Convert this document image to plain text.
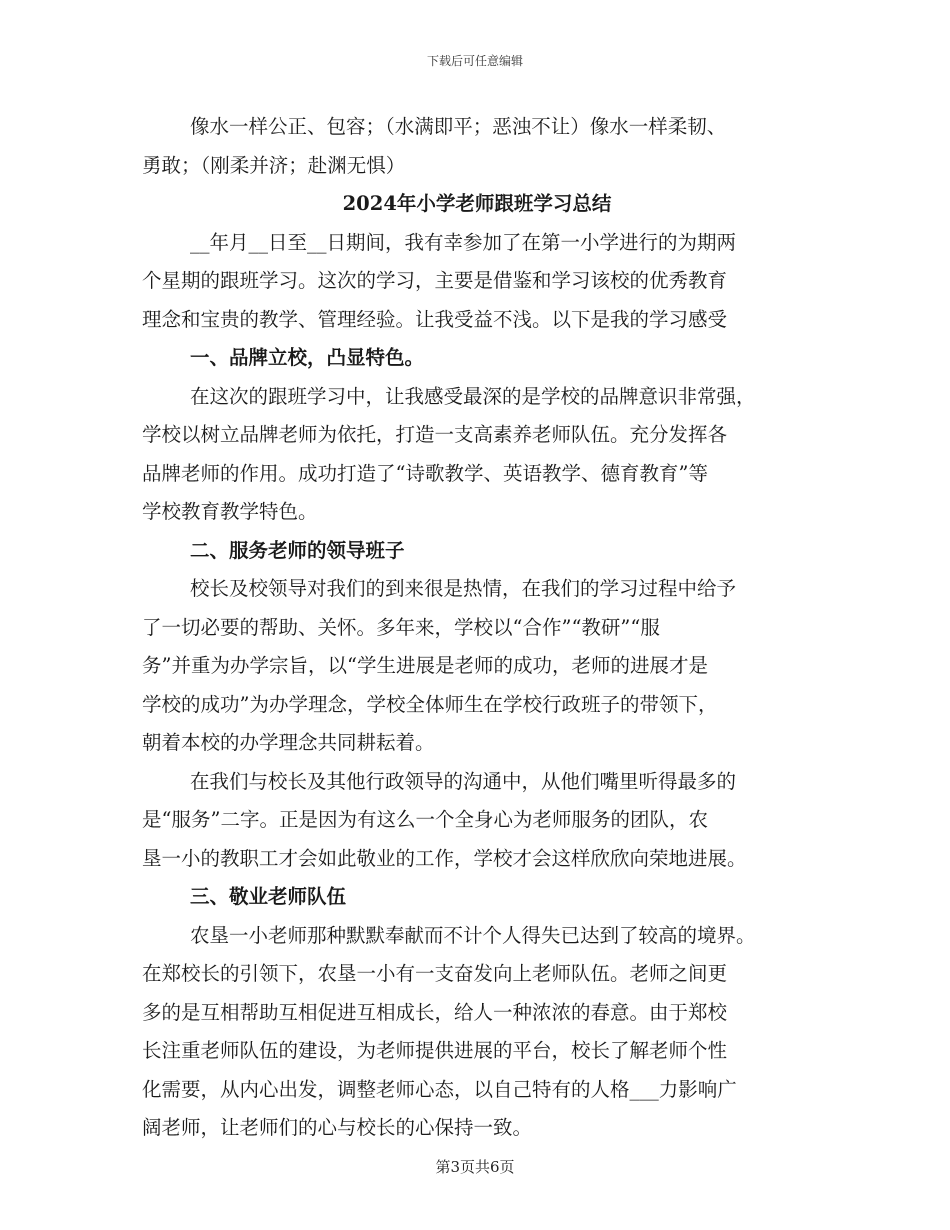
下载后可任意编辑
像水一样公正、包容；（水满即平；恶浊不让）像水一样柔韧、
勇敢；（刚柔并济；赴渊无惧）
2024年小学老师跟班学习总结
__年月__日至__日期间，我有幸参加了在第一小学进行的为期两
个星期的跟班学习。这次的学习，主要是借鉴和学习该校的优秀教育
理念和宝贵的教学、管理经验。让我受益不浅。以下是我的学习感受
一、品牌立校，凸显特色。
在这次的跟班学习中，让我感受最深的是学校的品牌意识非常强，
学校以树立品牌老师为依托，打造一支高素养老师队伍。充分发挥各
品牌老师的作用。成功打造了“诗歌教学、英语教学、德育教育”等
学校教育教学特色。
二、服务老师的领导班子
校长及校领导对我们的到来很是热情，在我们的学习过程中给予
了一切必要的帮助、关怀。多年来，学校以“合作”“教研”“服
务”并重为办学宗旨，以“学生进展是老师的成功，老师的进展才是
学校的成功”为办学理念，学校全体师生在学校行政班子的带领下，
朝着本校的办学理念共同耕耘着。
在我们与校长及其他行政领导的沟通中，从他们嘴里听得最多的
是“服务”二字。正是因为有这么一个全身心为老师服务的团队，农
垦一小的教职工才会如此敬业的工作，学校才会这样欣欣向荣地进展。
三、敬业老师队伍
农垦一小老师那种默默奉献而不计个人得失已达到了较高的境界。
在郑校长的引领下，农垦一小有一支奋发向上老师队伍。老师之间更
多的是互相帮助互相促进互相成长，给人一种浓浓的春意。由于郑校
长注重老师队伍的建设，为老师提供进展的平台，校长了解老师个性
化需要，从内心出发，调整老师心态，以自己特有的人格___力影响广
阔老师，让老师们的心与校长的心保持一致。
第3页共6页
